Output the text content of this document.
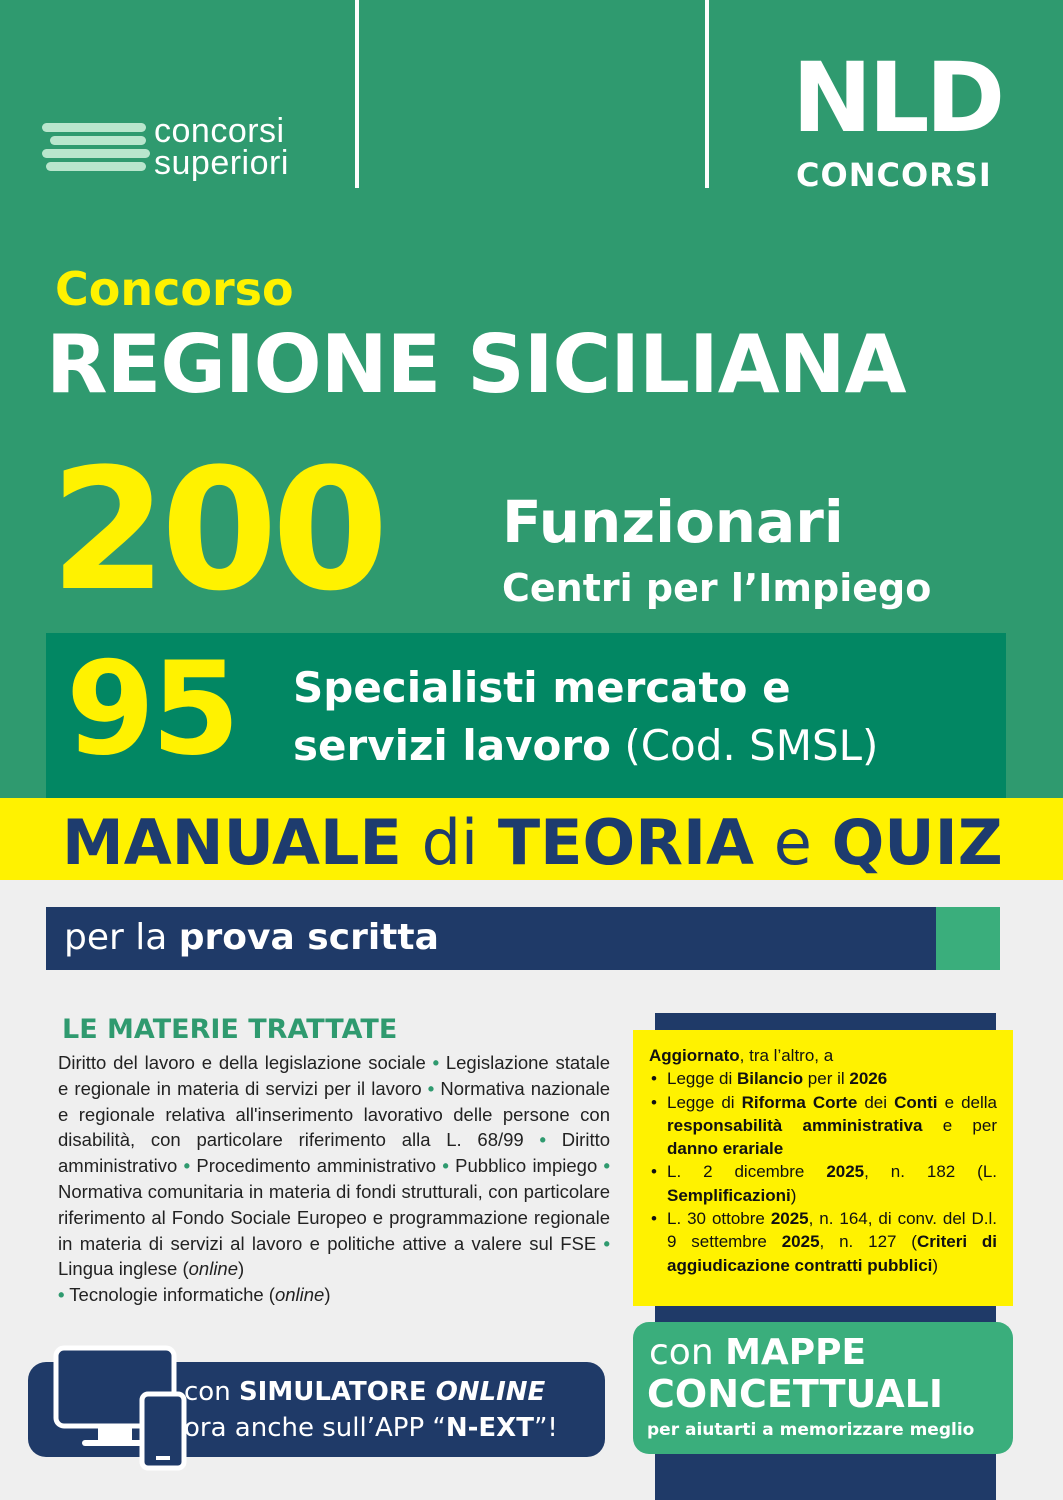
concorsi
superiori
NLD
CONCORSI
Concorso
REGIONE SICILIANA
200 Funzionari
Centri per l’Impiego
95 Specialisti mercato e
servizi lavoro (Cod. SMSL)
MANUALE di TEORIA e QUIZ
per la prova scritta
LE MATERIE TRATTATE
Diritto del lavoro e della legislazione sociale • Legislazione statale e regionale in materia di servizi per il lavoro • Normativa nazionale e regionale relativa all'inserimento lavorativo delle persone con disabilità, con particolare riferimento alla L. 68/99 • Diritto amministrativo • Procedimento amministrativo • Pubblico impiego • Normativa comunitaria in materia di fondi strutturali, con particolare riferimento al Fondo Sociale Europeo e programmazione regionale in materia di servizi al lavoro e politiche attive a valere sul FSE • Lingua inglese (online)
• Tecnologie informatiche (online)
Aggiornato, tra l’altro, a
• Legge di Bilancio per il 2026
• Legge di Riforma Corte dei Conti e della responsabilità amministrativa e per danno erariale
• L. 2 dicembre 2025, n. 182 (L. Semplificazioni)
• L. 30 ottobre 2025, n. 164, di conv. del D.l. 9 settembre 2025, n. 127 (Criteri di aggiudicazione contratti pubblici)
con MAPPE
CONCETTUALI
per aiutarti a memorizzare meglio
con SIMULATORE ONLINE
ora anche sull’APP “N-EXT”!
